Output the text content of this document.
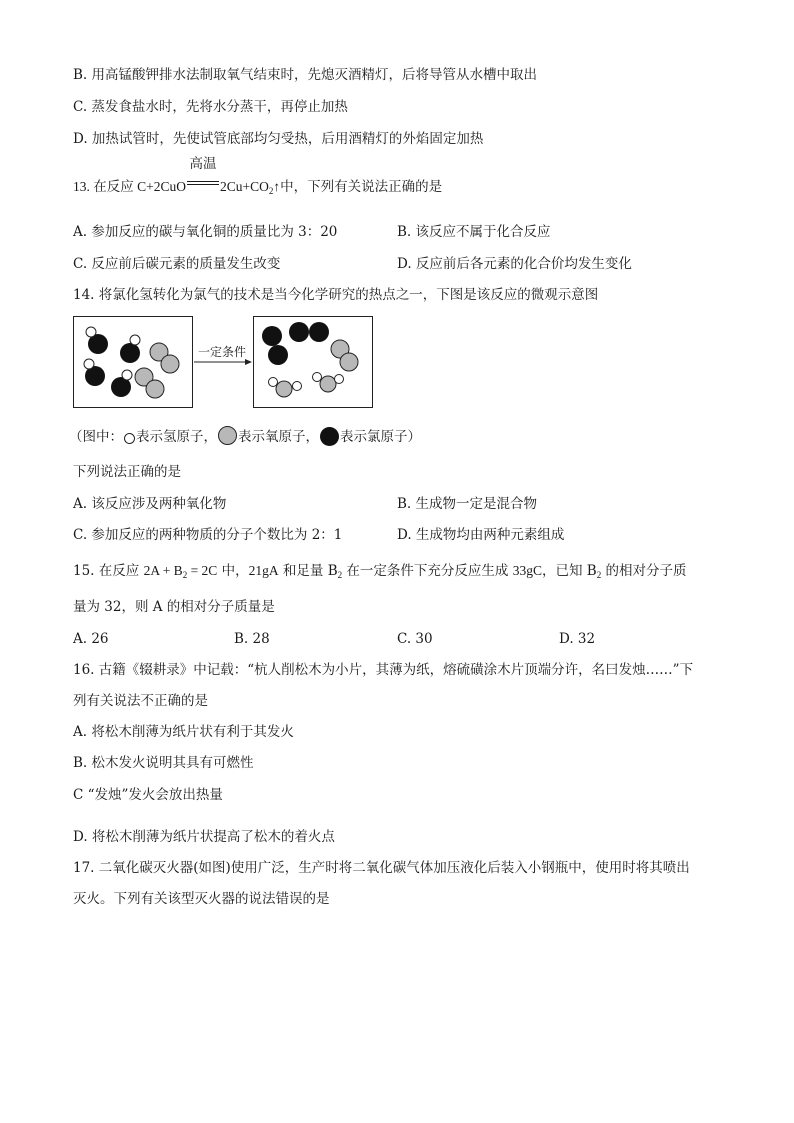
B. 用高锰酸钾排水法制取氧气结束时，先熄灭酒精灯，后将导管从水槽中取出
C. 蒸发食盐水时，先将水分蒸干，再停止加热
D. 加热试管时，先使试管底部均匀受热，后用酒精灯的外焰固定加热
13. 在反应 C+2CuO
高温
$2Cu+CO_2↑$中，下列有关说法正确的是
A. 参加反应的碳与氧化铜的质量比为 3：20	B. 该反应不属于化合反应
C. 反应前后碳元素的质量发生改变	D. 反应前后各元素的化合价均发生变化
14. 将氯化氢转化为氯气的技术是当今化学研究的热点之一，下图是该反应的微观示意图
一定条件
（图中： 表示氢原子， 表示氧原子， 表示氯原子）
下列说法正确的是
A. 该反应涉及两种氧化物	B. 生成物一定是混合物
C. 参加反应的两种物质的分子个数比为 2：1	D. 生成物均由两种元素组成
15. 在反应 $2A + B_2 = 2C$ 中，21gA 和足量 $B_2$ 在一定条件下充分反应生成 33gC，已知 $B_2$ 的相对分子质
量为 32，则 A 的相对分子质量是
A. 26	B. 28	C. 30	D. 32
16. 古籍《辍耕录》中记载：“杭人削松木为小片，其薄为纸，熔硫磺涂木片顶端分许，名曰发烛……”下
列有关说法不正确的是
A. 将松木削薄为纸片状有利于其发火
B. 松木发火说明其具有可燃性
C “发烛”发火会放出热量
D. 将松木削薄为纸片状提高了松木的着火点
17. 二氧化碳灭火器(如图)使用广泛，生产时将二氧化碳气体加压液化后装入小钢瓶中，使用时将其喷出
灭火。下列有关该型灭火器的说法错误的是
